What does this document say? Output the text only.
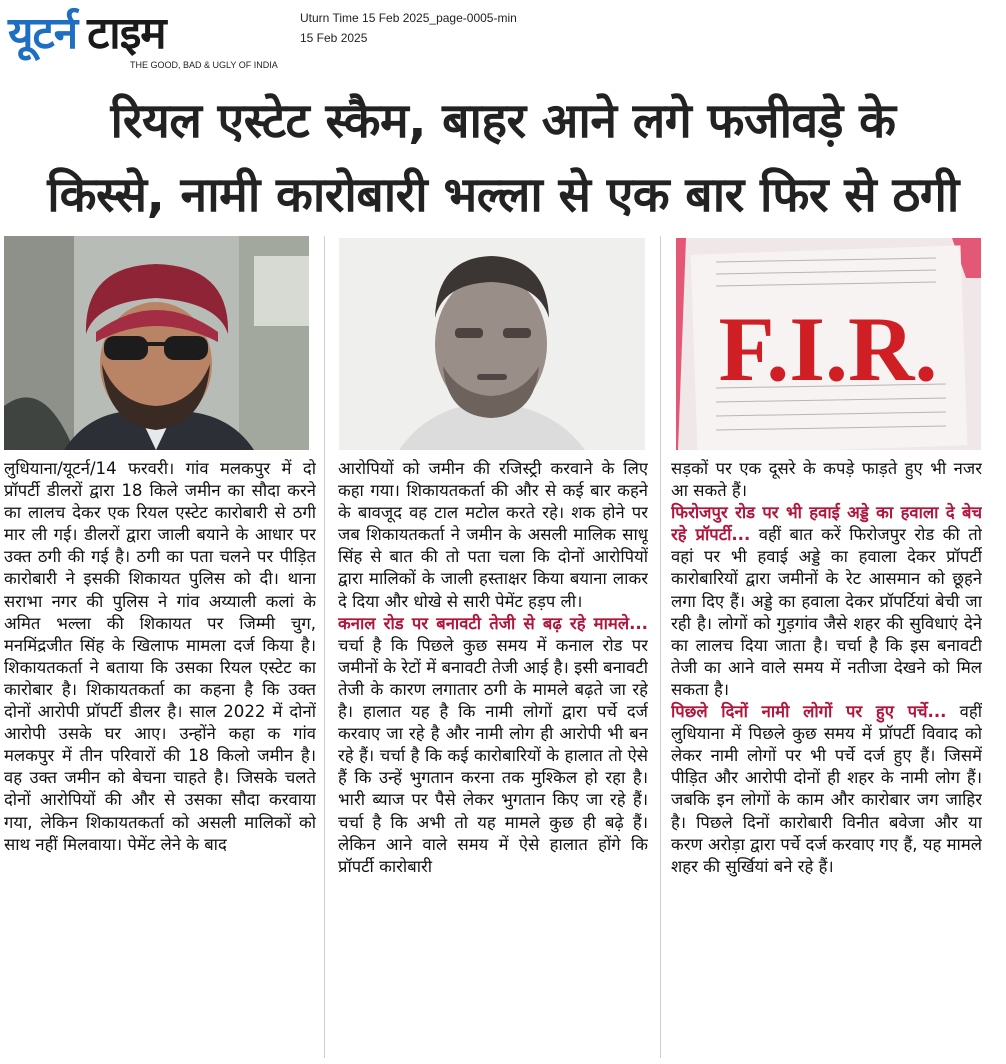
यूटर्न टाइम
THE GOOD, BAD & UGLY OF INDIA
Uturn Time 15 Feb 2025_page-0005-min
15 Feb 2025
रियल एस्टेट स्कैम, बाहर आने लगे फजीवड़े के
किस्से, नामी कारोबारी भल्ला से एक बार फिर से ठगी
F.I.R.

लुधियाना/यूटर्न/14 फरवरी। गांव मलकपुर में दो प्रॉपर्टी डीलरों द्वारा 18 किले जमीन का सौदा करने का लालच देकर एक रियल एस्टेट कारोबारी से ठगी मार ली गई। डीलरों द्वारा जाली बयाने के आधार पर उक्त ठगी की गई है। ठगी का पता चलने पर पीड़ित कारोबारी ने इसकी शिकायत पुलिस को दी। थाना सराभा नगर की पुलिस ने गांव अय्याली कलां के अमित भल्ला की शिकायत पर जिम्मी चुग, मनमिंद्रजीत सिंह के खिलाफ मामला दर्ज किया है। शिकायतकर्ता ने बताया कि उसका रियल एस्टेट का कारोबार है। शिकायतकर्ता का कहना है कि उक्त दोनों आरोपी प्रॉपर्टी डीलर है। साल 2022 में दोनों आरोपी उसके घर आए। उन्होंने कहा क गांव मलकपुर में तीन परिवारों की 18 किलो जमीन है। वह उक्त जमीन को बेचना चाहते है। जिसके चलते दोनों आरोपियों की और से उसका सौदा करवाया गया, लेकिन शिकायतकर्ता को असली मालिकों को साथ नहीं मिलवाया। पेमेंट लेने के बाद

आरोपियों को जमीन की रजिस्ट्री करवाने के लिए कहा गया। शिकायतकर्ता की और से कई बार कहने के बावजूद वह टाल मटोल करते रहे। शक होने पर जब शिकायतकर्ता ने जमीन के असली मालिक साधू सिंह से बात की तो पता चला कि दोनों आरोपियों द्वारा मालिकों के जाली हस्ताक्षर किया बयाना लाकर दे दिया और धोखे से सारी पेमेंट हड़प ली।

कनाल रोड पर बनावटी तेजी से बढ़ रहे मामले... चर्चा है कि पिछले कुछ समय में कनाल रोड पर जमीनों के रेटों में बनावटी तेजी आई है। इसी बनावटी तेजी के कारण लगातार ठगी के मामले बढ़ते जा रहे है। हालात यह है कि नामी लोगों द्वारा पर्चे दर्ज करवाए जा रहे है और नामी लोग ही आरोपी भी बन रहे हैं। चर्चा है कि कई कारोबारियों के हालात तो ऐसे हैं कि उन्हें भुगतान करना तक मुश्किल हो रहा है। भारी ब्याज पर पैसे लेकर भुगतान किए जा रहे हैं। चर्चा है कि अभी तो यह मामले कुछ ही बढ़े हैं। लेकिन आने वाले समय में ऐसे हालात होंगे कि प्रॉपर्टी कारोबारी

सड़कों पर एक दूसरे के कपड़े फाड़ते हुए भी नजर आ सकते हैं।

फिरोजपुर रोड पर भी हवाई अड्डे का हवाला दे बेच रहे प्रॉपर्टी... वहीं बात करें फिरोजपुर रोड की तो वहां पर भी हवाई अड्डे का हवाला देकर प्रॉपर्टी कारोबारियों द्वारा जमीनों के रेट आसमान को छूहने लगा दिए हैं। अड्डे का हवाला देकर प्रॉपर्टियां बेची जा रही है। लोगों को गुड़गांव जैसे शहर की सुविधाएं देने का लालच दिया जाता है। चर्चा है कि इस बनावटी तेजी का आने वाले समय में नतीजा देखने को मिल सकता है।

पिछले दिनों नामी लोगों पर हुए पर्चे... वहीं लुधियाना में पिछले कुछ समय में प्रॉपर्टी विवाद को लेकर नामी लोगों पर भी पर्चे दर्ज हुए हैं। जिसमें पीड़ित और आरोपी दोनों ही शहर के नामी लोग हैं। जबकि इन लोगों के काम और कारोबार जग जाहिर है। पिछले दिनों कारोबारी विनीत बवेजा और या करण अरोड़ा द्वारा पर्चे दर्ज करवाए गए हैं, यह मामले शहर की सुर्खियां बने रहे हैं।
